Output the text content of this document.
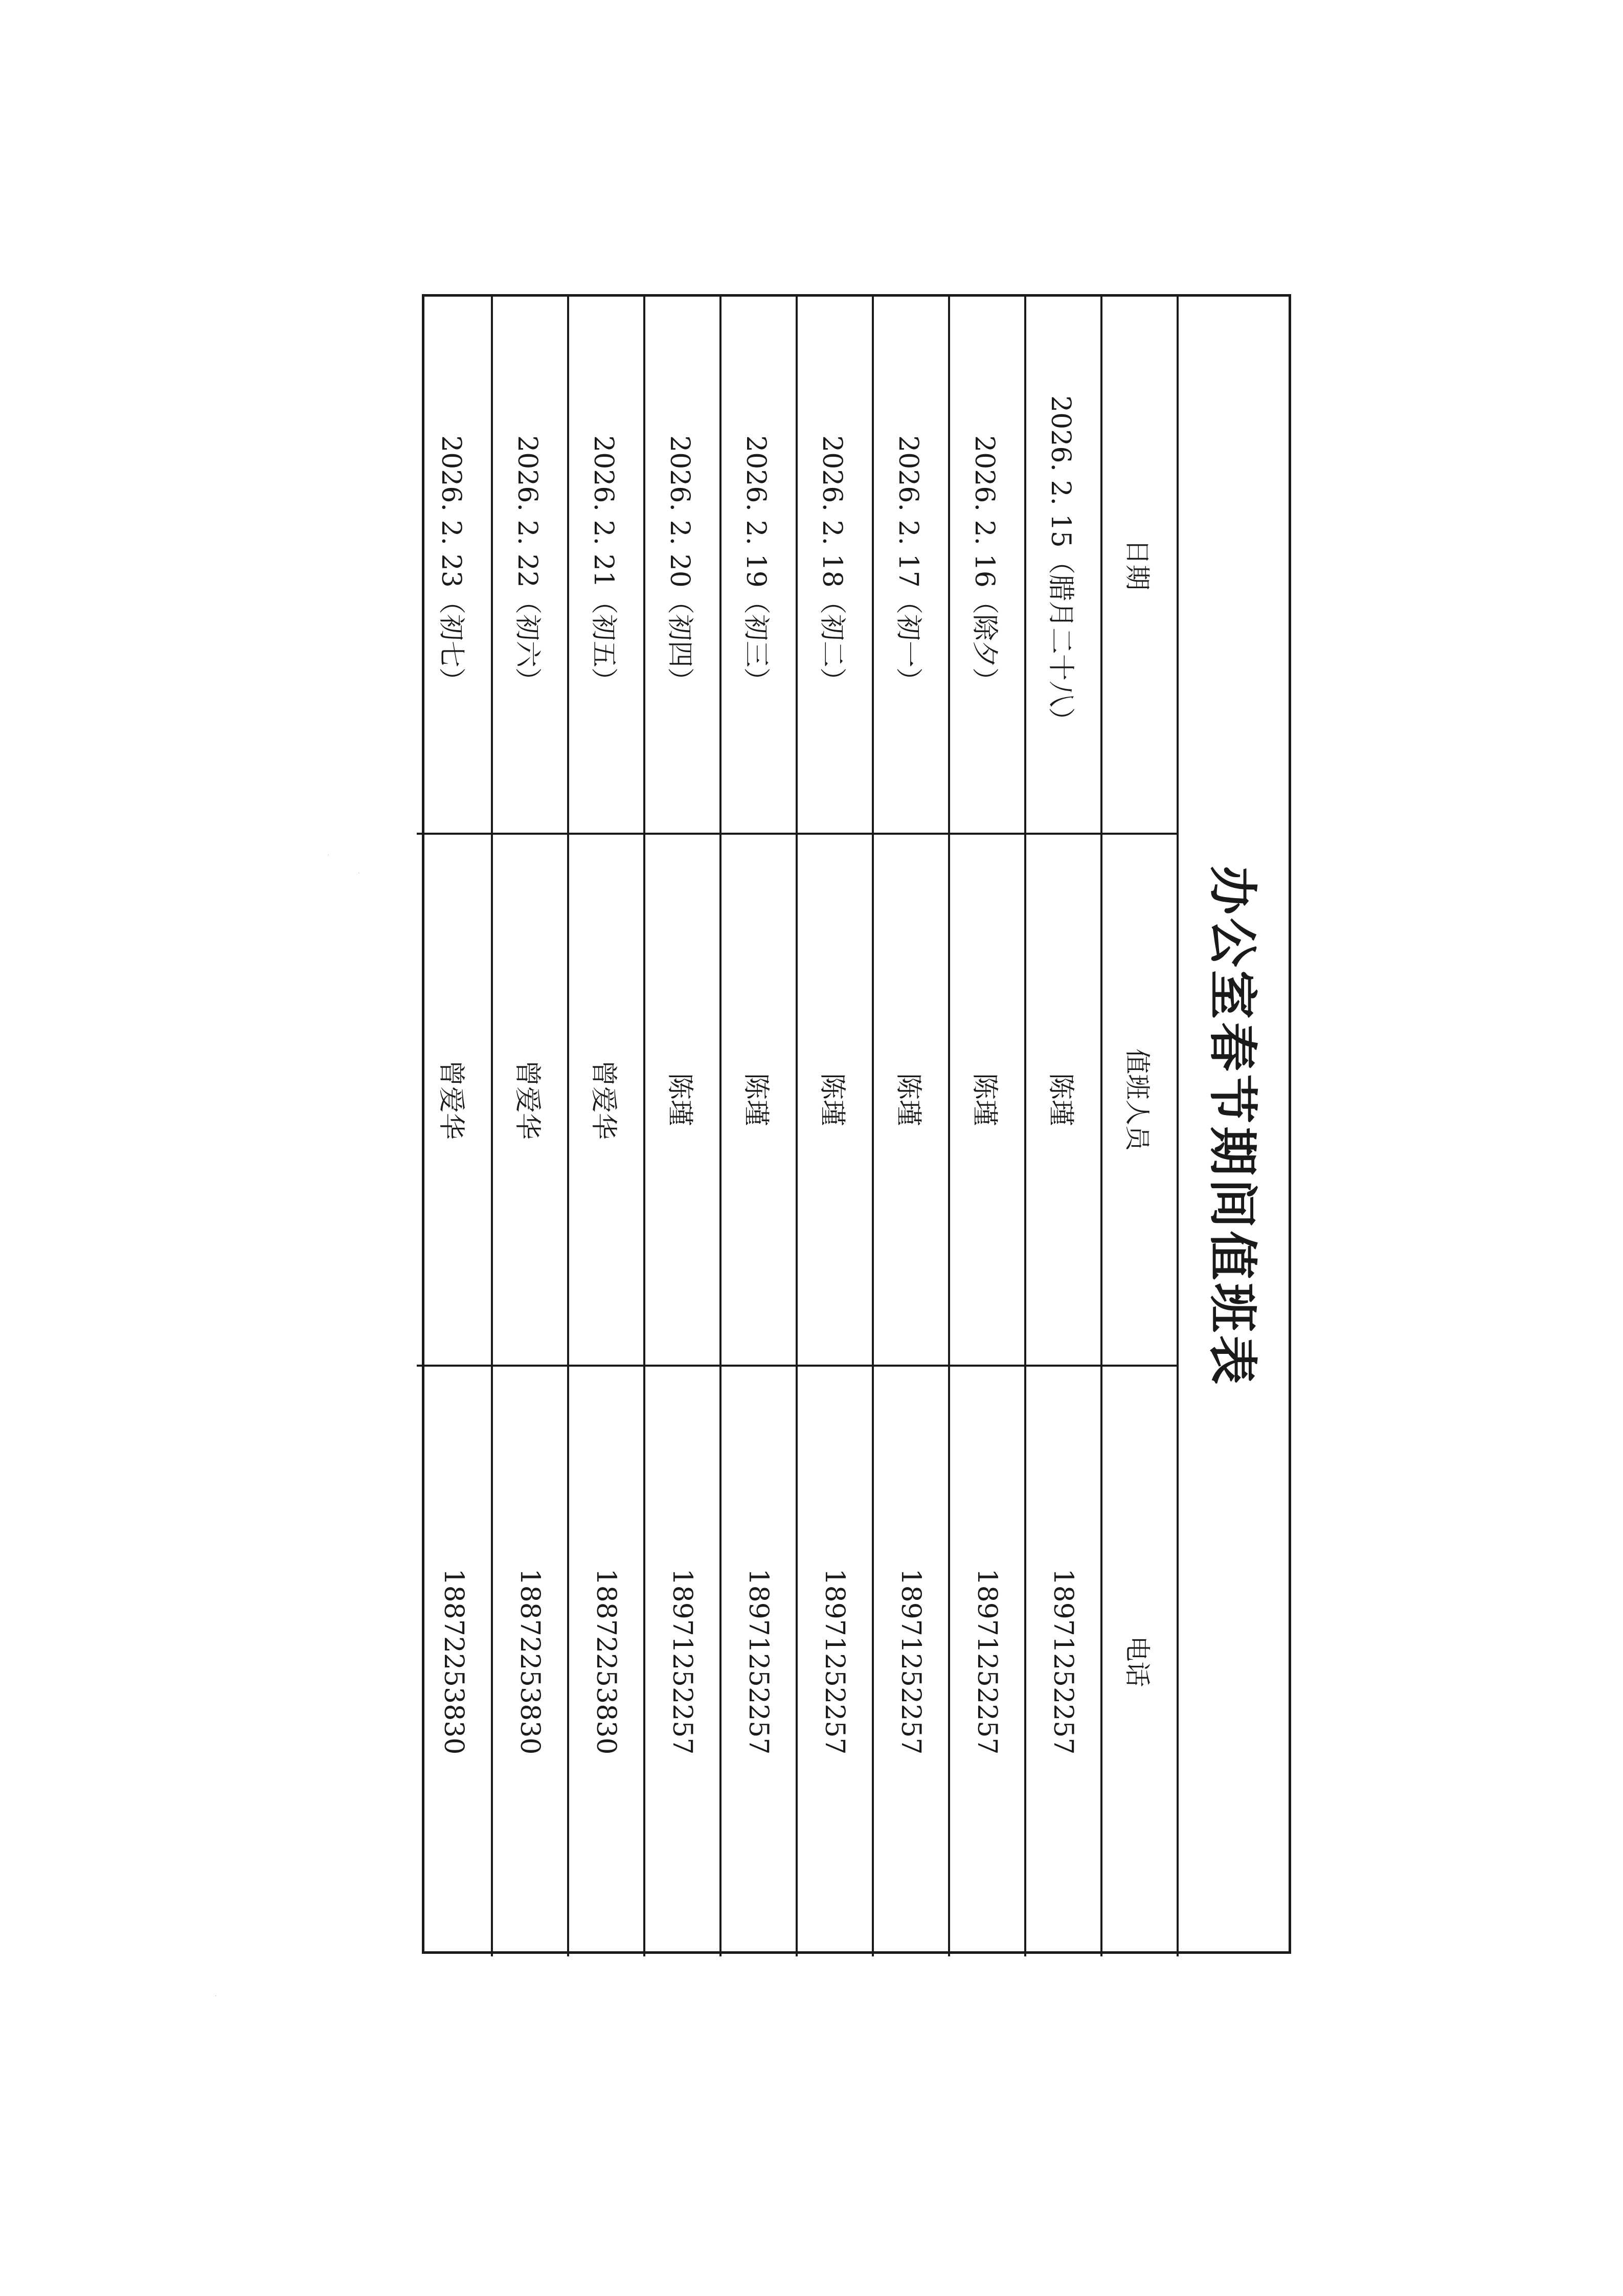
办公室春节期间值班表		
日期	值班人员	电话
2026. 2. 15（腊月二十八）	陈瑾	18971252257
2026. 2. 16（除夕）	陈瑾	18971252257
2026. 2. 17（初一）	陈瑾	18971252257
2026. 2. 18（初二）	陈瑾	18971252257
2026. 2. 19（初三）	陈瑾	18971252257
2026. 2. 20（初四）	陈瑾	18971252257
2026. 2. 21（初五）	曾爱华	18872253830
2026. 2. 22（初六）	曾爱华	18872253830
2026. 2. 23（初七）	曾爱华	18872253830
·
·
·
